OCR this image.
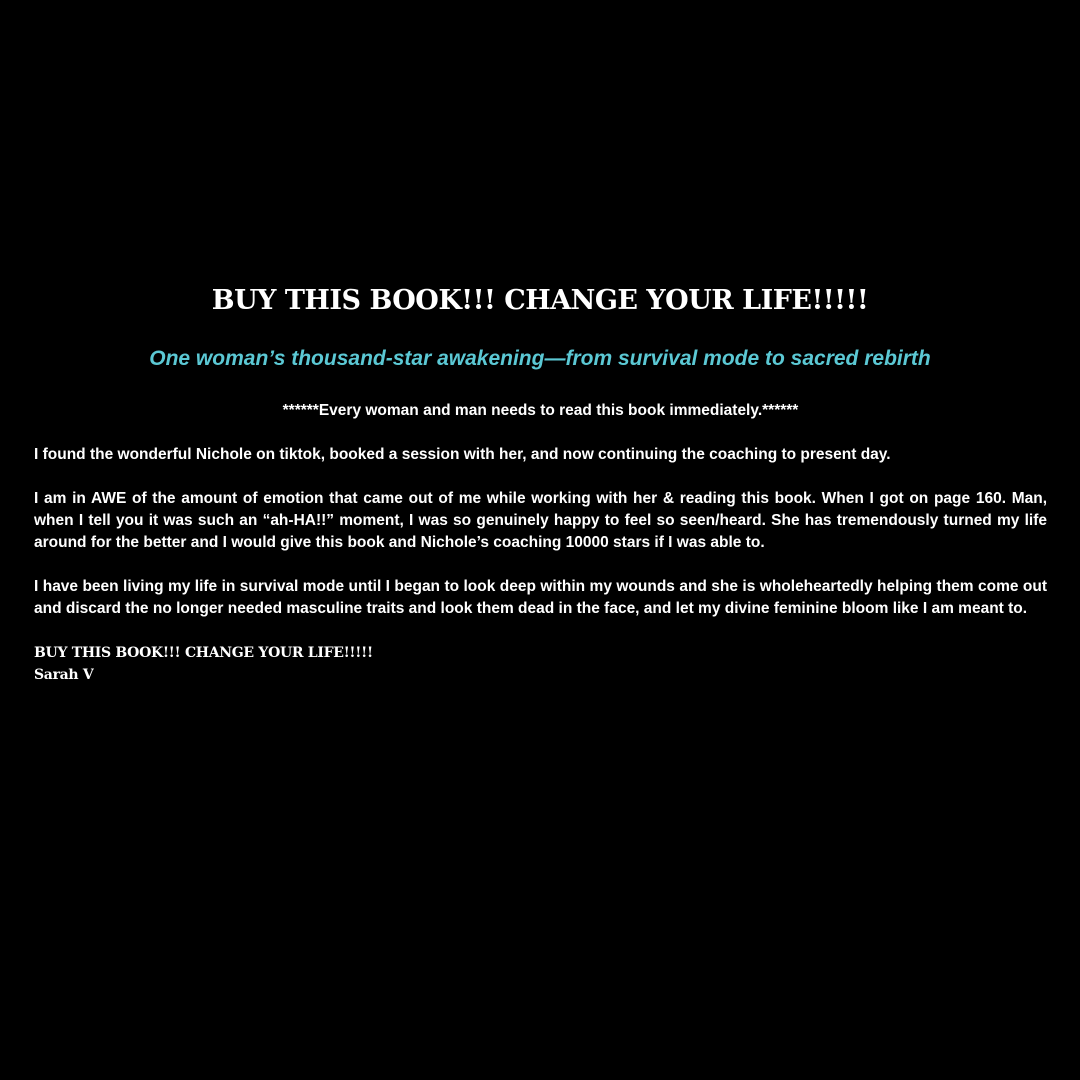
BUY THIS BOOK!!! CHANGE YOUR LIFE!!!!!
One woman’s thousand-star awakening—from survival mode to sacred rebirth

******Every woman and man needs to read this book immediately.******

I found the wonderful Nichole on tiktok, booked a session with her, and now continuing the coaching to present day.

I am in AWE of the amount of emotion that came out of me while working with her & reading this book. When I got on page 160. Man, when I tell you it was such an “ah-HA!!” moment, I was so genuinely happy to feel so seen/heard. She has tremendously turned my life around for the better and I would give this book and Nichole’s coaching 10000 stars if I was able to.

I have been living my life in survival mode until I began to look deep within my wounds and she is wholeheartedly helping them come out and discard the no longer needed masculine traits and look them dead in the face, and let my divine feminine bloom like I am meant to.

BUY THIS BOOK!!! CHANGE YOUR LIFE!!!!!

Sarah V
